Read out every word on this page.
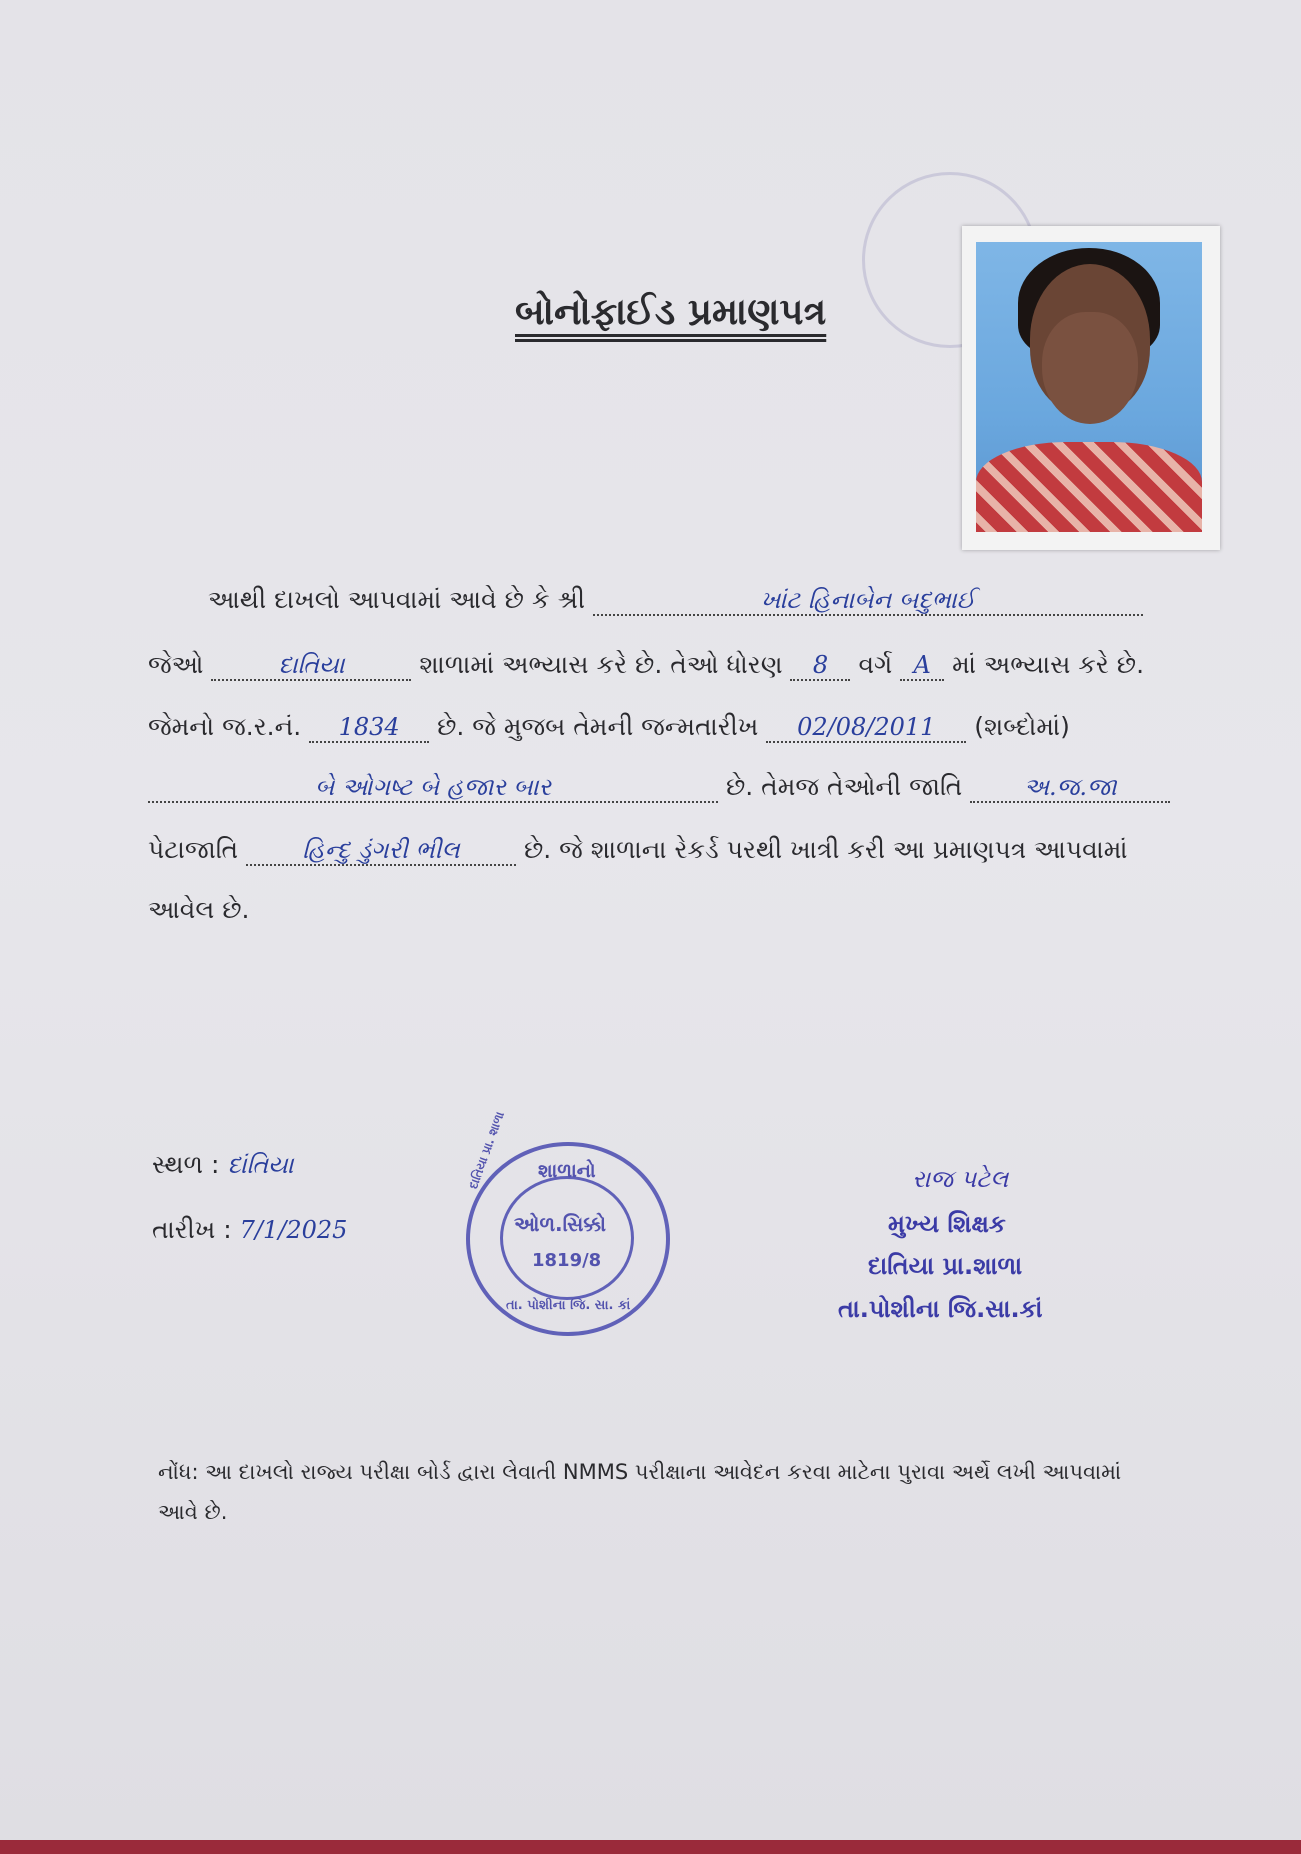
બોનોફાઈડ પ્રમાણપત્ર
આથી દાખલો આપવામાં આવે છે કે શ્રી	ખાંટ હિનાબેન બદુભાઈ
જેઓ	દાતિયા	શાળામાં અભ્યાસ કરે છે. તેઓ ધોરણ 8 વર્ગ A માં અભ્યાસ કરે છે.
જેમનો જ.ર.નં. 1834 છે. જે મુજબ તેમની જન્મતારીખ 02/08/2011 (શબ્દોમાં)
બે ઓગષ્ટ બે હજાર બાર	છે. તેમજ તેઓની જાતિ	અ.જ.જા
પેટાજાતિ	હિન્દુ ડુંગરી ભીલ	છે. જે શાળાના રેકર્ડ પરથી ખાત્રી કરી આ પ્રમાણપત્ર આપવામાં
આવેલ છે.
સ્થળ : દાંતિયા
તારીખ : 7/1/2025
શાળાનો
ઓળ.સિક્કો
1819/8
દાતિયા પ્રા. શાળા
તા. પોશીના જિ. સા. કાં
રાજ પટેલ
મુખ્ય શિક્ષક
દાતિયા પ્રા.શાળા
તા.પોશીના જિ.સા.કાં
નોંધ: આ દાખલો રાજ્ય પરીક્ષા બોર્ડ દ્વારા લેવાતી NMMS પરીક્ષાના આવેદન કરવા માટેના પુરાવા અર્થે લખી આપવામાં આવે છે.
